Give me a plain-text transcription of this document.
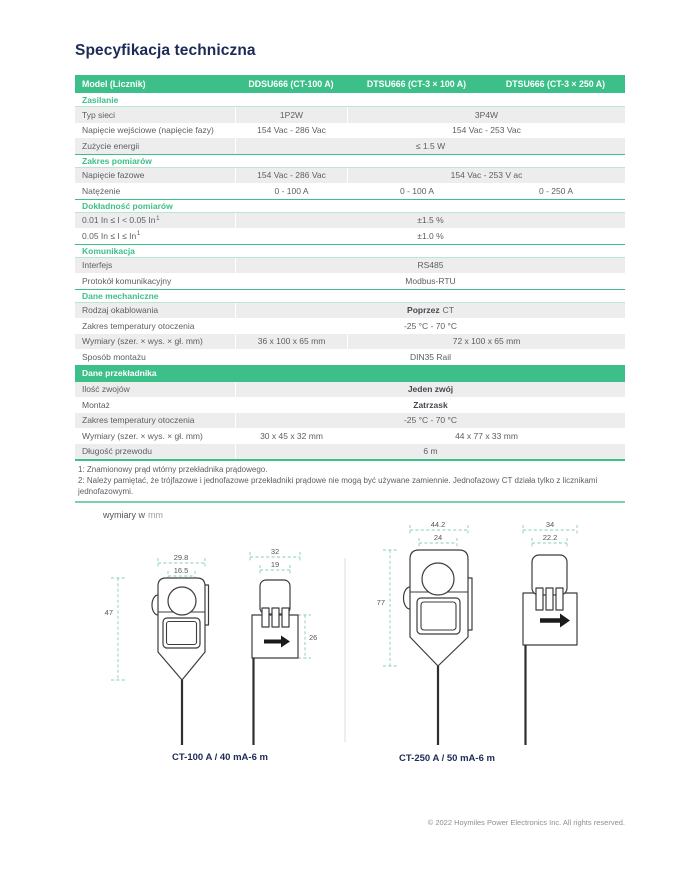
Specyfikacja techniczna
Model (Licznik)	DDSU666 (CT-100 A)	DTSU666 (CT-3 × 100 A)	DTSU666 (CT-3 × 250 A)
Zasilanie
Typ sieci	1P2W	3P4W
Napięcie wejściowe (napięcie fazy)	154 Vac - 286 Vac	154 Vac - 253 Vac
Zużycie energii	≤ 1.5 W
Zakres pomiarów
Napięcie fazowe	154 Vac - 286 Vac	154 Vac - 253 V ac
Natężenie	0 - 100 A	0 - 100 A	0 - 250 A
Dokładność pomiarów
0.01 In ≤ I < 0.05 $In^1$	±1.5 %
0.05 $In \le I \le In^1$	±1.0 %
Komunikacja
Interfejs	RS485
Protokół komunikacyjny	Modbus-RTU
Dane mechaniczne
Rodzaj okablowania	Poprzez CT
Zakres temperatury otoczenia	-25 °C - 70 °C
Wymiary (szer. × wys. × gł. mm)	36 x 100 x 65 mm	72 x 100 x 65 mm
Sposób montażu	DIN35 Rail
Dane przekładnika
Ilość zwojów	Jeden zwój
Montaż	Zatrzask
Zakres temperatury otoczenia	-25 °C - 70 °C
Wymiary (szer. × wys. × gł. mm)	30 x 45 x 32 mm	44 x 77 x 33 mm
Długość przewodu	6 m
1: Znamionowy prąd wtórny przekładnika prądowego.
2: Należy pamiętać, że trójfazowe i jednofazowe przekładniki prądowe nie mogą być używane zamiennie. Jednofazowy CT działa tylko z licznikami jednofazowymi.
wymiary w mm
29.8
16.5
47
32
19
26
44.2
24
77
34
22.2
CT-100 A / 40 mA-6 m	CT-250 A / 50 mA-6 m
© 2022 Hoymiles Power Electronics Inc. All rights reserved.
